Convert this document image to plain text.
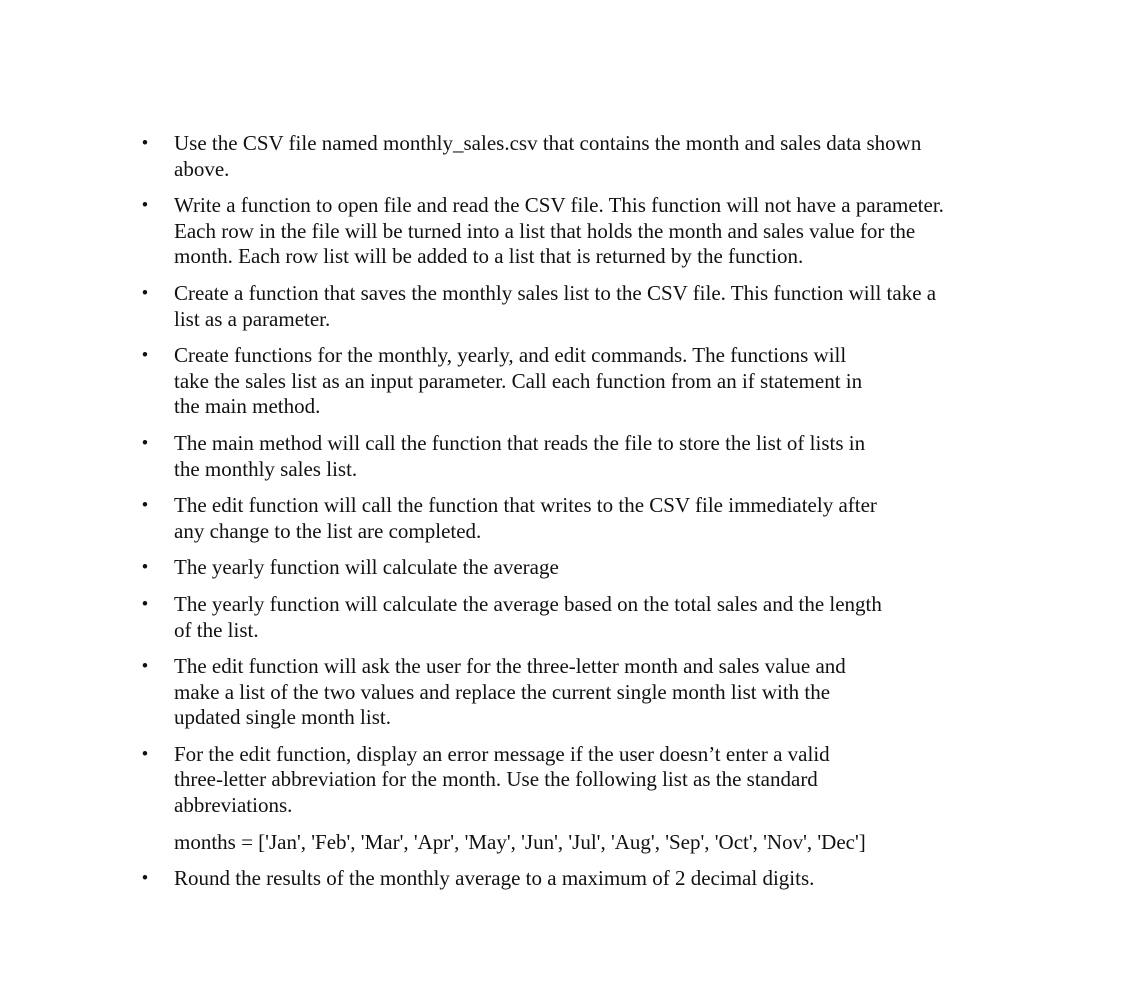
• Use the CSV file named monthly_sales.csv that contains the month and sales data shown
above.
• Write a function to open file and read the CSV file. This function will not have a parameter.
Each row in the file will be turned into a list that holds the month and sales value for the
month. Each row list will be added to a list that is returned by the function.
• Create a function that saves the monthly sales list to the CSV file. This function will take a
list as a parameter.
• Create functions for the monthly, yearly, and edit commands. The functions will
take the sales list as an input parameter. Call each function from an if statement in
the main method.
• The main method will call the function that reads the file to store the list of lists in
the monthly sales list.
• The edit function will call the function that writes to the CSV file immediately after
any change to the list are completed.
• The yearly function will calculate the average
• The yearly function will calculate the average based on the total sales and the length
of the list.
• The edit function will ask the user for the three-letter month and sales value and
make a list of the two values and replace the current single month list with the
updated single month list.
• For the edit function, display an error message if the user doesn’t enter a valid
three-letter abbreviation for the month. Use the following list as the standard
abbreviations.
months = ['Jan', 'Feb', 'Mar', 'Apr', 'May', 'Jun', 'Jul', 'Aug', 'Sep', 'Oct', 'Nov', 'Dec']
• Round the results of the monthly average to a maximum of 2 decimal digits.
